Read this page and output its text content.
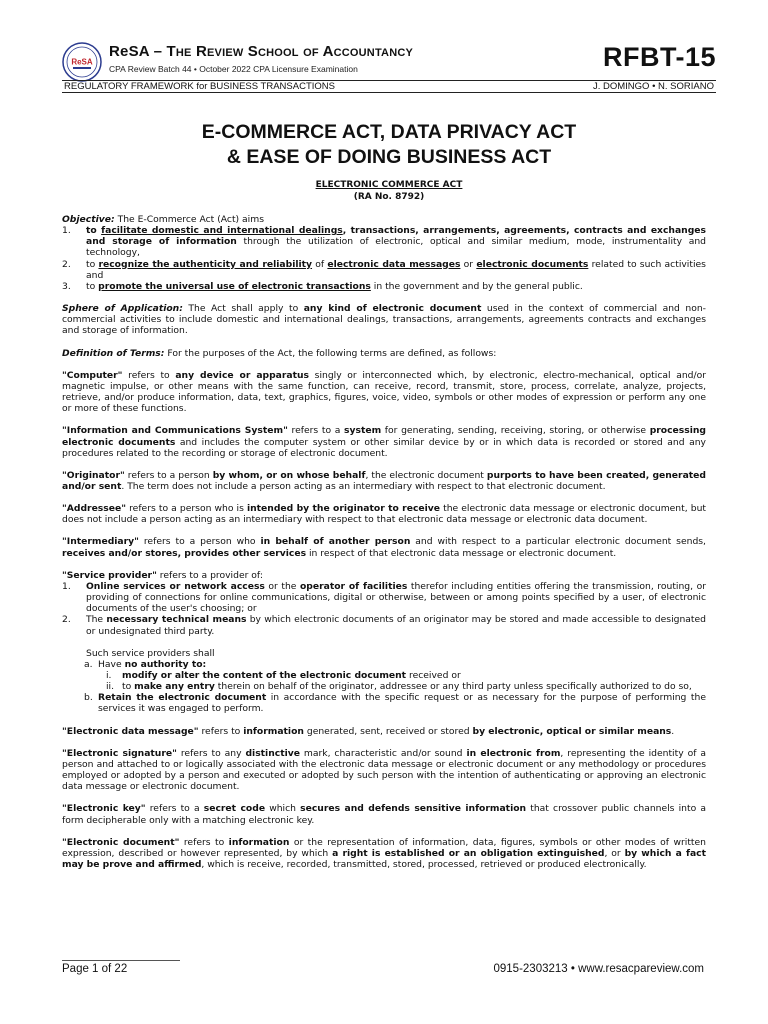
ReSA
ReSA – The Review School of Accountancy
CPA Review Batch 44 • October 2022 CPA Licensure Examination	RFBT-15
REGULATORY FRAMEWORK for BUSINESS TRANSACTIONS	J. DOMINGO • N. SORIANO
E-COMMERCE ACT, DATA PRIVACY ACT
& EASE OF DOING BUSINESS ACT
ELECTRONIC COMMERCE ACT
(RA No. 8792)
Objective: The E-Commerce Act (Act) aims
1. to facilitate domestic and international dealings, transactions, arrangements, agreements, contracts and exchanges and storage of information through the utilization of electronic, optical and similar medium, mode, instrumentality and technology,
2. to recognize the authenticity and reliability of electronic data messages or electronic documents related to such activities and
3. to promote the universal use of electronic transactions in the government and by the general public.

Sphere of Application: The Act shall apply to any kind of electronic document used in the context of commercial and non-commercial activities to include domestic and international dealings, transactions, arrangements, agreements contracts and exchanges and storage of information.

Definition of Terms: For the purposes of the Act, the following terms are defined, as follows:

"Computer" refers to any device or apparatus singly or interconnected which, by electronic, electro-mechanical, optical and/or magnetic impulse, or other means with the same function, can receive, record, transmit, store, process, correlate, analyze, projects, retrieve, and/or produce information, data, text, graphics, figures, voice, video, symbols or other modes of expression or perform any one or more of these functions.

"Information and Communications System" refers to a system for generating, sending, receiving, storing, or otherwise processing electronic documents and includes the computer system or other similar device by or in which data is recorded or stored and any procedures related to the recording or storage of electronic document.

"Originator" refers to a person by whom, or on whose behalf, the electronic document purports to have been created, generated and/or sent. The term does not include a person acting as an intermediary with respect to that electronic document.

"Addressee" refers to a person who is intended by the originator to receive the electronic data message or electronic document, but does not include a person acting as an intermediary with respect to that electronic data message or electronic data document.

"Intermediary" refers to a person who in behalf of another person and with respect to a particular electronic document sends, receives and/or stores, provides other services in respect of that electronic data message or electronic document.

"Service provider" refers to a provider of:
1. Online services or network access or the operator of facilities therefor including entities offering the transmission, routing, or providing of connections for online communications, digital or otherwise, between or among points specified by a user, of electronic documents of the user's choosing; or
2. The necessary technical means by which electronic documents of an originator may be stored and made accessible to designated or undesignated third party.
Such service providers shall
a. Have no authority to:
i. modify or alter the content of the electronic document received or
ii. to make any entry therein on behalf of the originator, addressee or any third party unless specifically authorized to do so,
b. Retain the electronic document in accordance with the specific request or as necessary for the purpose of performing the services it was engaged to perform.

"Electronic data message" refers to information generated, sent, received or stored by electronic, optical or similar means.

"Electronic signature" refers to any distinctive mark, characteristic and/or sound in electronic from, representing the identity of a person and attached to or logically associated with the electronic data message or electronic document or any methodology or procedures employed or adopted by a person and executed or adopted by such person with the intention of authenticating or approving an electronic data message or electronic document.

"Electronic key" refers to a secret code which secures and defends sensitive information that crossover public channels into a form decipherable only with a matching electronic key.

"Electronic document" refers to information or the representation of information, data, figures, symbols or other modes of written expression, described or however represented, by which a right is established or an obligation extinguished, or by which a fact may be prove and affirmed, which is receive, recorded, transmitted, stored, processed, retrieved or produced electronically.

Page 1 of 22	0915-2303213 • www.resacpareview.com
